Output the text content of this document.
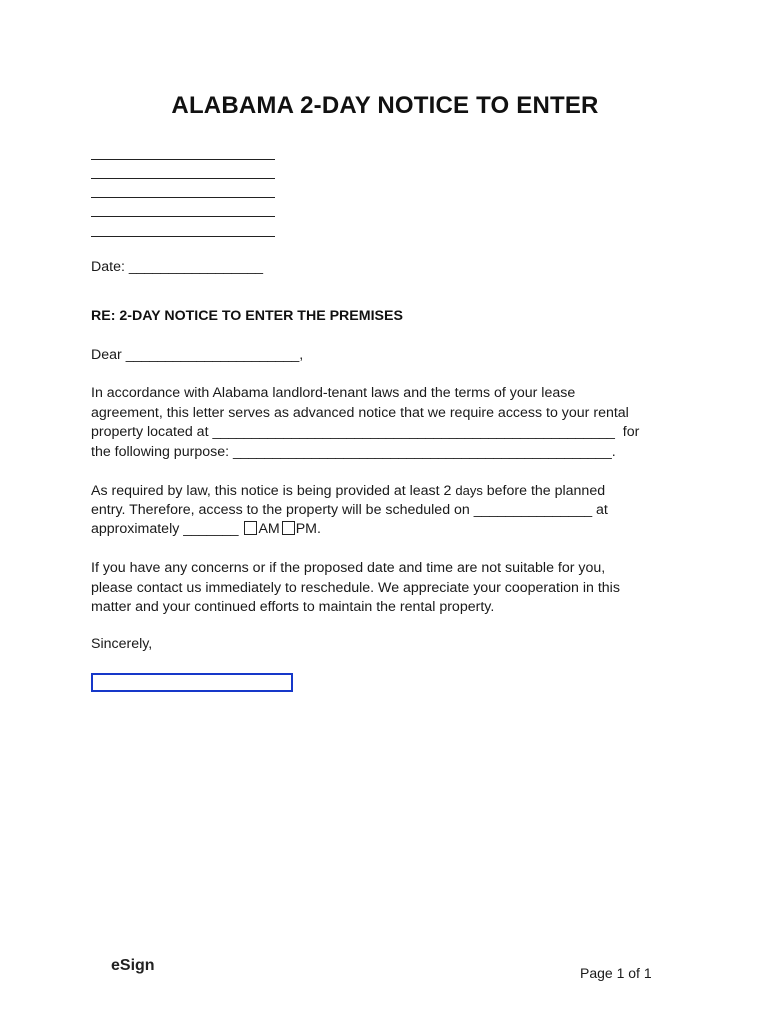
ALABAMA 2-DAY NOTICE TO ENTER
Date: _________________
RE: 2-DAY NOTICE TO ENTER THE PREMISES
Dear ______________________,
In accordance with Alabama landlord-tenant laws and the terms of your lease
agreement, this letter serves as advanced notice that we require access to your rental
property located at ___________________________________________________  for
the following purpose: ________________________________________________.
As required by law, this notice is being provided at least 2 days before the planned
entry. Therefore, access to the property will be scheduled on _______________ at
approximately _______ AM PM.
If you have any concerns or if the proposed date and time are not suitable for you,
please contact us immediately to reschedule. We appreciate your cooperation in this
matter and your continued efforts to maintain the rental property.
Sincerely,
eSign	Page 1 of 1
